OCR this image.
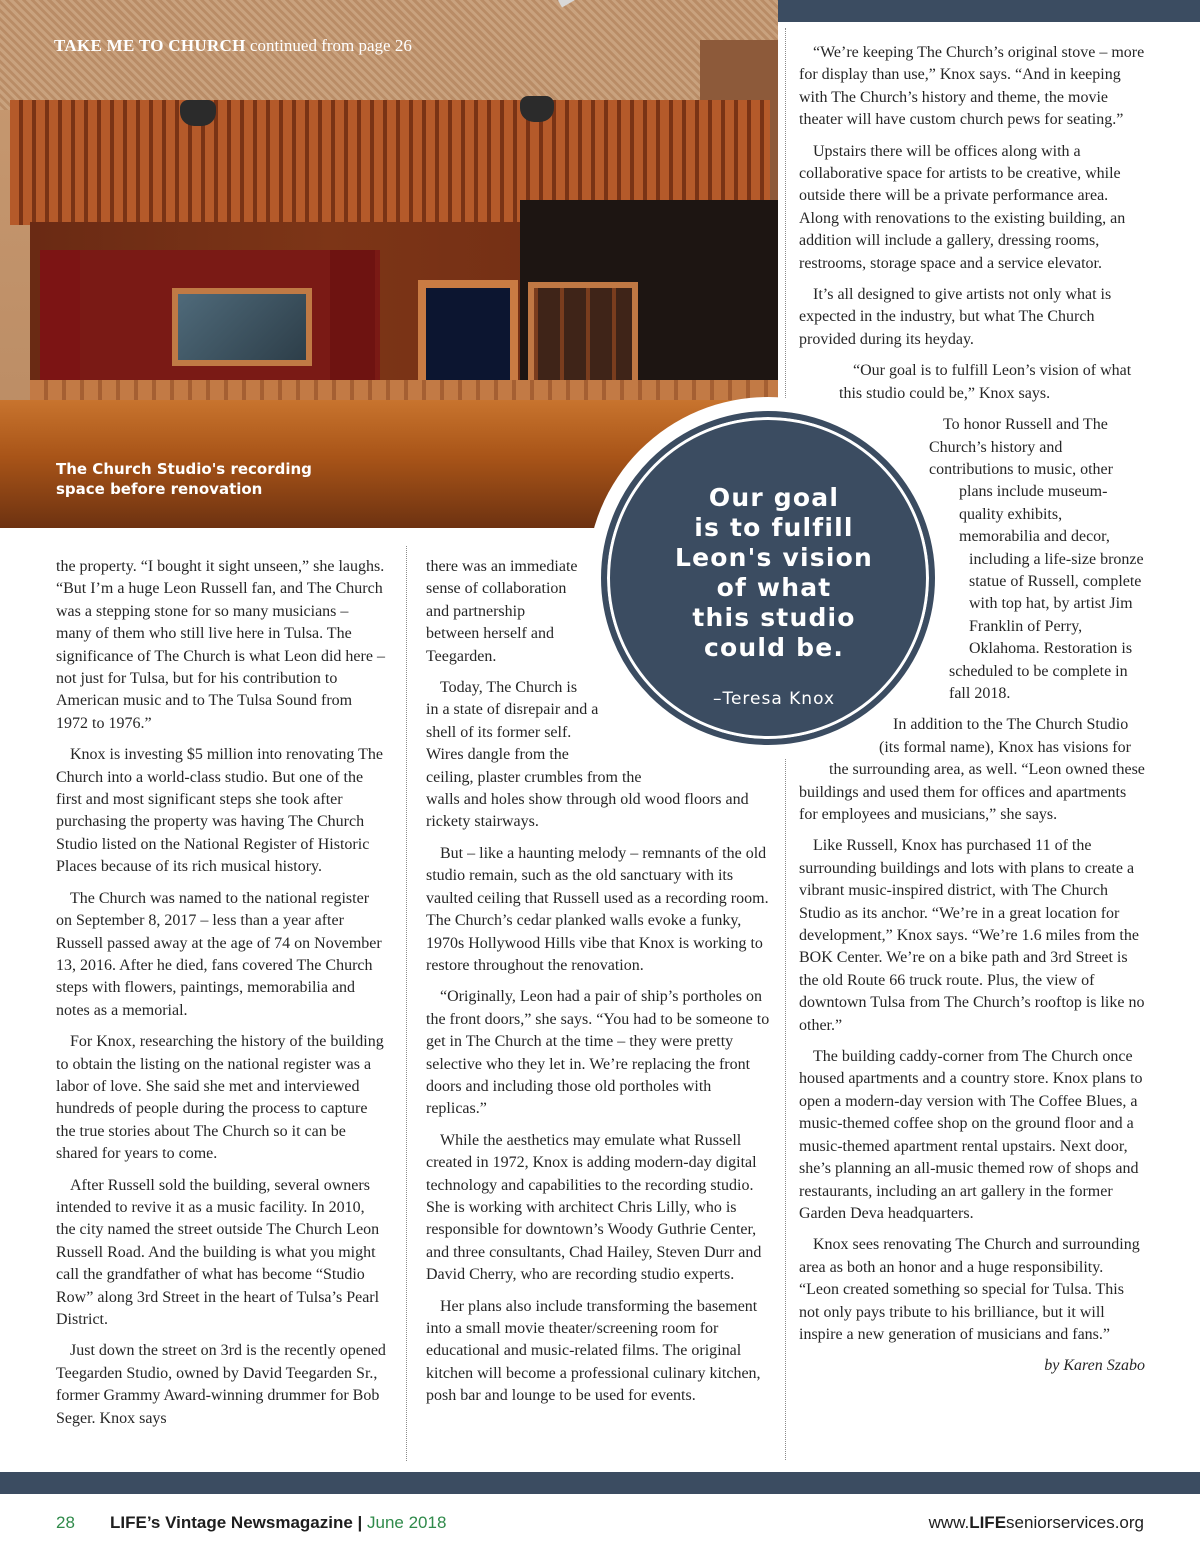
TAKE ME TO CHURCH continued from page 26
The Church Studio's recording space before renovation

the property. “I bought it sight unseen,” she laughs. “But I’m a huge Leon Russell fan, and The Church was a stepping stone for so many musicians – many of them who still live here in Tulsa. The significance of The Church is what Leon did here – not just for Tulsa, but for his contribution to American music and to The Tulsa Sound from 1972 to 1976.”

Knox is investing $5 million into renovating The Church into a world-class studio. But one of the first and most significant steps she took after purchasing the property was having The Church Studio listed on the National Register of Historic Places because of its rich musical history.

The Church was named to the national register on September 8, 2017 – less than a year after Russell passed away at the age of 74 on November 13, 2016. After he died, fans covered The Church steps with flowers, paintings, memorabilia and notes as a memorial.

For Knox, researching the history of the building to obtain the listing on the national register was a labor of love. She said she met and interviewed hundreds of people during the process to capture the true stories about The Church so it can be shared for years to come.

After Russell sold the building, several owners intended to revive it as a music facility. In 2010, the city named the street outside The Church Leon Russell Road. And the building is what you might call the grandfather of what has become “Studio Row” along 3rd Street in the heart of Tulsa’s Pearl District.

Just down the street on 3rd is the recently opened Teegarden Studio, owned by David Teegarden Sr., former Grammy Award-winning drummer for Bob Seger. Knox says

there was an immediate sense of collaboration and partnership between herself and Teegarden.

Today, The Church is in a state of disrepair and a shell of its former self. Wires dangle from the ceiling, plaster crumbles from the walls and holes show through old wood floors and rickety stairways.

But – like a haunting melody – remnants of the old studio remain, such as the old sanctuary with its vaulted ceiling that Russell used as a recording room. The Church’s cedar planked walls evoke a funky, 1970s Hollywood Hills vibe that Knox is working to restore throughout the renovation.

“Originally, Leon had a pair of ship’s portholes on the front doors,” she says. “You had to be someone to get in The Church at the time – they were pretty selective who they let in. We’re replacing the front doors and including those old portholes with replicas.”

While the aesthetics may emulate what Russell created in 1972, Knox is adding modern-day digital technology and capabilities to the recording studio. She is working with architect Chris Lilly, who is responsible for downtown’s Woody Guthrie Center, and three consultants, Chad Hailey, Steven Durr and David Cherry, who are recording studio experts.

Her plans also include transforming the basement into a small movie theater/screening room for educational and music-related films. The original kitchen will become a professional culinary kitchen, posh bar and lounge to be used for events.

“We’re keeping The Church’s original stove – more for display than use,” Knox says. “And in keeping with The Church’s history and theme, the movie theater will have custom church pews for seating.”

Upstairs there will be offices along with a collaborative space for artists to be creative, while outside there will be a private performance area. Along with renovations to the existing building, an addition will include a gallery, dressing rooms, restrooms, storage space and a service elevator.

It’s all designed to give artists not only what is expected in the industry, but what The Church provided during its heyday.

“Our goal is to fulfill Leon’s vision of what this studio could be,” Knox says.

To honor Russell and The Church’s history and contributions to music, other plans include museum-quality exhibits, memorabilia and decor, including a life-size bronze statue of Russell, complete with top hat, by artist Jim Franklin of Perry, Oklahoma. Restoration is scheduled to be complete in fall 2018.

In addition to the The Church Studio (its formal name), Knox has visions for the surrounding area, as well. “Leon owned these buildings and used them for offices and apartments for employees and musicians,” she says.

Like Russell, Knox has purchased 11 of the surrounding buildings and lots with plans to create a vibrant music-inspired district, with The Church Studio as its anchor. “We’re in a great location for development,” Knox says. “We’re 1.6 miles from the BOK Center. We’re on a bike path and 3rd Street is the old Route 66 truck route. Plus, the view of downtown Tulsa from The Church’s rooftop is like no other.”

The building caddy-corner from The Church once housed apartments and a country store. Knox plans to open a modern-day version with The Coffee Blues, a music-themed coffee shop on the ground floor and a music-themed apartment rental upstairs. Next door, she’s planning an all-music themed row of shops and restaurants, including an art gallery in the former Garden Deva headquarters.

Knox sees renovating The Church and surrounding area as both an honor and a huge responsibility. “Leon created something so special for Tulsa. This not only pays tribute to his brilliance, but it will inspire a new generation of musicians and fans.”

by Karen Szabo

Our goal
is to fulfill
Leon's vision
of what
this studio
could be.
–Teresa Knox
28 LIFE’s Vintage Newsmagazine | June 2018	www.LIFEseniorservices.org
